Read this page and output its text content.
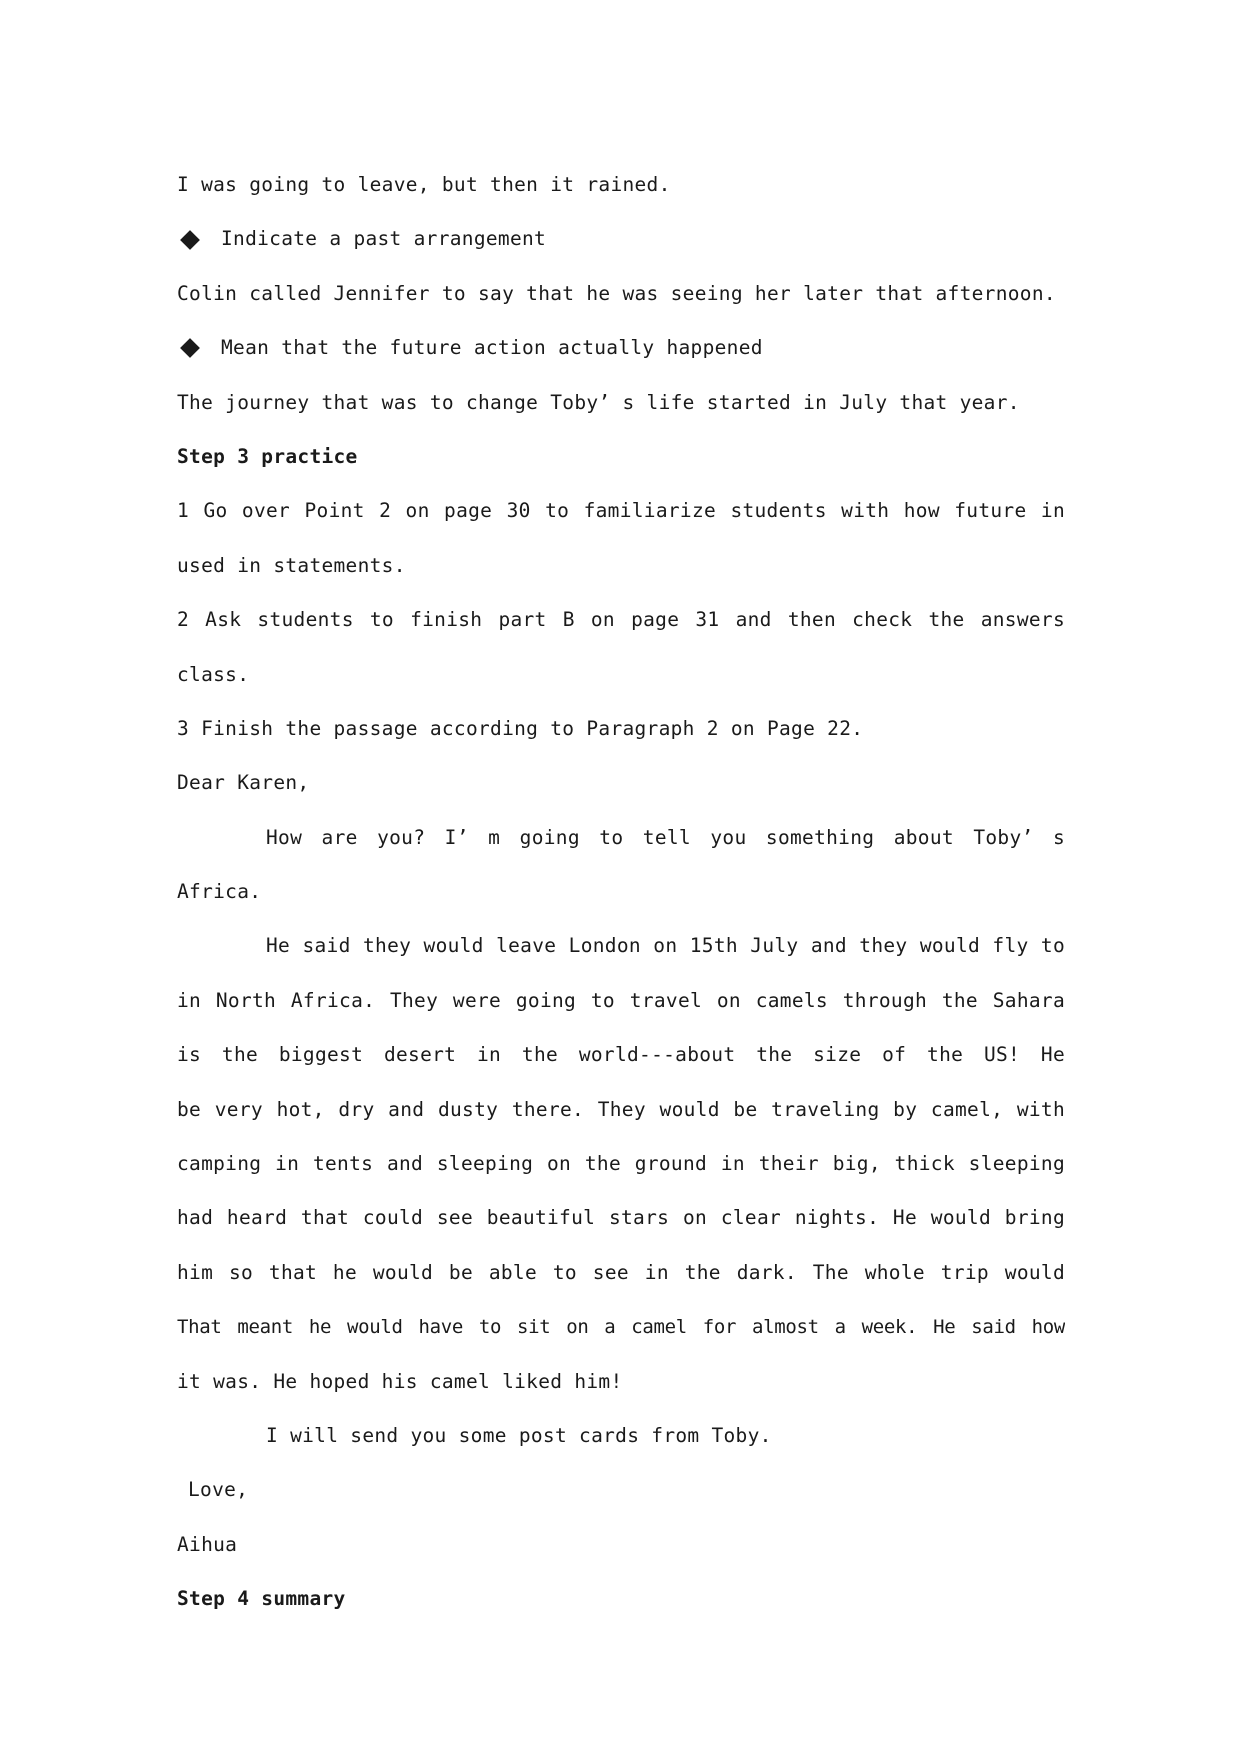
I was going to leave, but then it rained.
Indicate a past arrangement
Colin called Jennifer to say that he was seeing her later that afternoon.
Mean that the future action actually happened
The journey that was to change Toby’ s life started in July that year.
Step 3 practice
1 Go over Point 2 on page 30 to familiarize students with how future in
used in statements.
2 Ask students to finish part B on page 31 and then check the answers
class.
3 Finish the passage according to Paragraph 2 on Page 22.
Dear Karen,
How are you? I’ m going to tell you something about Toby’ s
Africa.
He said they would leave London on 15th July and they would fly to
in North Africa. They were going to travel on camels through the Sahara
is the biggest desert in the world---about the size of the US! He
be very hot, dry and dusty there. They would be traveling by camel, with
camping in tents and sleeping on the ground in their big, thick sleeping
had heard that could see beautiful stars on clear nights. He would bring
him so that he would be able to see in the dark. The whole trip would
That meant he would have to sit on a camel for almost a week. He said how
it was. He hoped his camel liked him!
I will send you some post cards from Toby.
Love,
Aihua
Step 4 summary
